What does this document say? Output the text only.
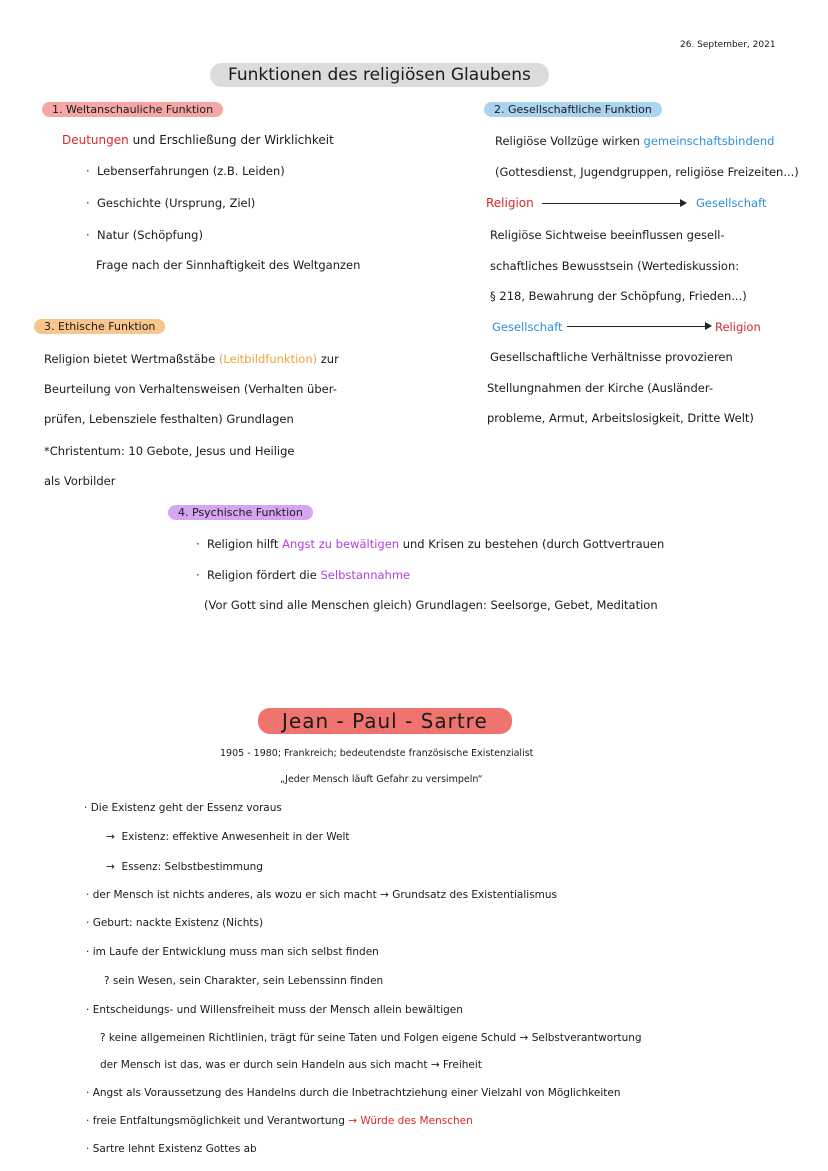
26. September, 2021
Funktionen des religiösen Glaubens
1. Weltanschauliche Funktion
Deutungen und Erschließung der Wirklichkeit
·  Lebenserfahrungen (z.B. Leiden)
·  Geschichte (Ursprung, Ziel)
·  Natur (Schöpfung)
Frage nach der Sinnhaftigkeit des Weltganzen
2. Gesellschaftliche Funktion
Religiöse Vollzüge wirken gemeinschaftsbindend
(Gottesdienst, Jugendgruppen, religiöse Freizeiten...)
Religion	Gesellschaft
Religiöse Sichtweise beeinflussen gesell-
schaftliches Bewusstsein (Wertediskussion:
§ 218, Bewahrung der Schöpfung, Frieden...)
Gesellschaft	Religion
Gesellschaftliche Verhältnisse provozieren
Stellungnahmen der Kirche (Ausländer-
probleme, Armut, Arbeitslosigkeit, Dritte Welt)
3. Ethische Funktion
Religion bietet Wertmaßstäbe (Leitbildfunktion) zur
Beurteilung von Verhaltensweisen (Verhalten über-
prüfen, Lebensziele festhalten) Grundlagen
*Christentum: 10 Gebote, Jesus und Heilige
als Vorbilder
4. Psychische Funktion
·  Religion hilft Angst zu bewältigen und Krisen zu bestehen (durch Gottvertrauen
·  Religion fördert die Selbstannahme
(Vor Gott sind alle Menschen gleich) Grundlagen: Seelsorge, Gebet, Meditation
Jean - Paul - Sartre
1905 - 1980; Frankreich; bedeutendste französische Existenzialist
„Jeder Mensch läuft Gefahr zu versimpeln“
· Die Existenz geht der Essenz voraus
→  Existenz: effektive Anwesenheit in der Welt
→  Essenz: Selbstbestimmung
· der Mensch ist nichts anderes, als wozu er sich macht → Grundsatz des Existentialismus
· Geburt: nackte Existenz (Nichts)
· im Laufe der Entwicklung muss man sich selbst finden
? sein Wesen, sein Charakter, sein Lebenssinn finden
· Entscheidungs- und Willensfreiheit muss der Mensch allein bewältigen
? keine allgemeinen Richtlinien, trägt für seine Taten und Folgen eigene Schuld → Selbstverantwortung
der Mensch ist das, was er durch sein Handeln aus sich macht → Freiheit
· Angst als Voraussetzung des Handelns durch die Inbetrachtziehung einer Vielzahl von Möglichkeiten
· freie Entfaltungsmöglichkeit und Verantwortung → Würde des Menschen
· Sartre lehnt Existenz Gottes ab
